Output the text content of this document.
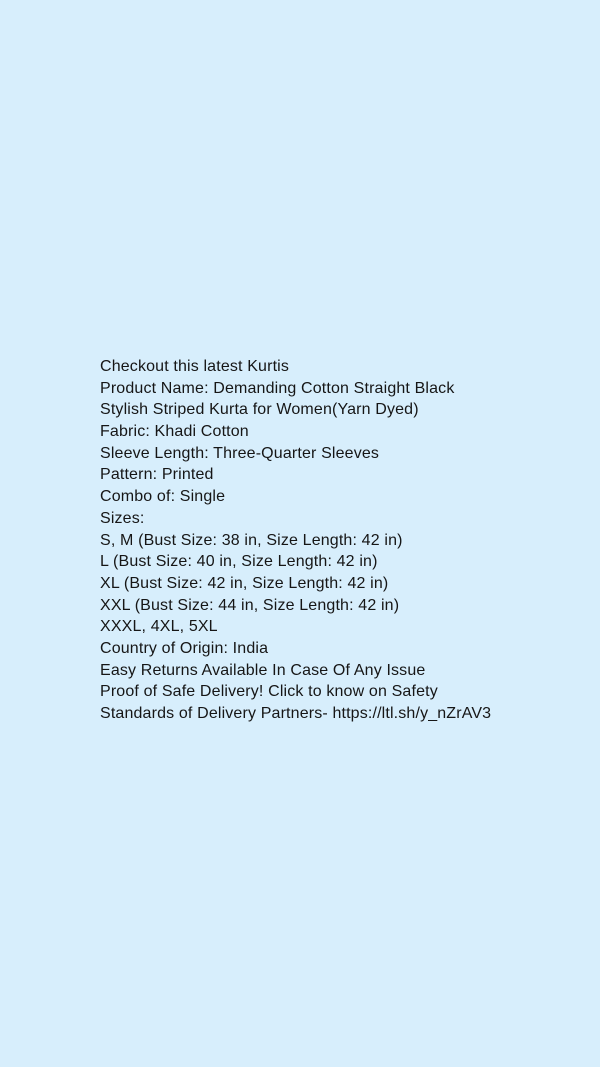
Checkout this latest Kurtis
Product Name: Demanding Cotton Straight Black
Stylish Striped Kurta for Women(Yarn Dyed)
Fabric: Khadi Cotton
Sleeve Length: Three-Quarter Sleeves
Pattern: Printed
Combo of: Single
Sizes:
S, M (Bust Size: 38 in, Size Length: 42 in)
L (Bust Size: 40 in, Size Length: 42 in)
XL (Bust Size: 42 in, Size Length: 42 in)
XXL (Bust Size: 44 in, Size Length: 42 in)
XXXL, 4XL, 5XL
Country of Origin: India
Easy Returns Available In Case Of Any Issue
Proof of Safe Delivery! Click to know on Safety
Standards of Delivery Partners- https://ltl.sh/y_nZrAV3
